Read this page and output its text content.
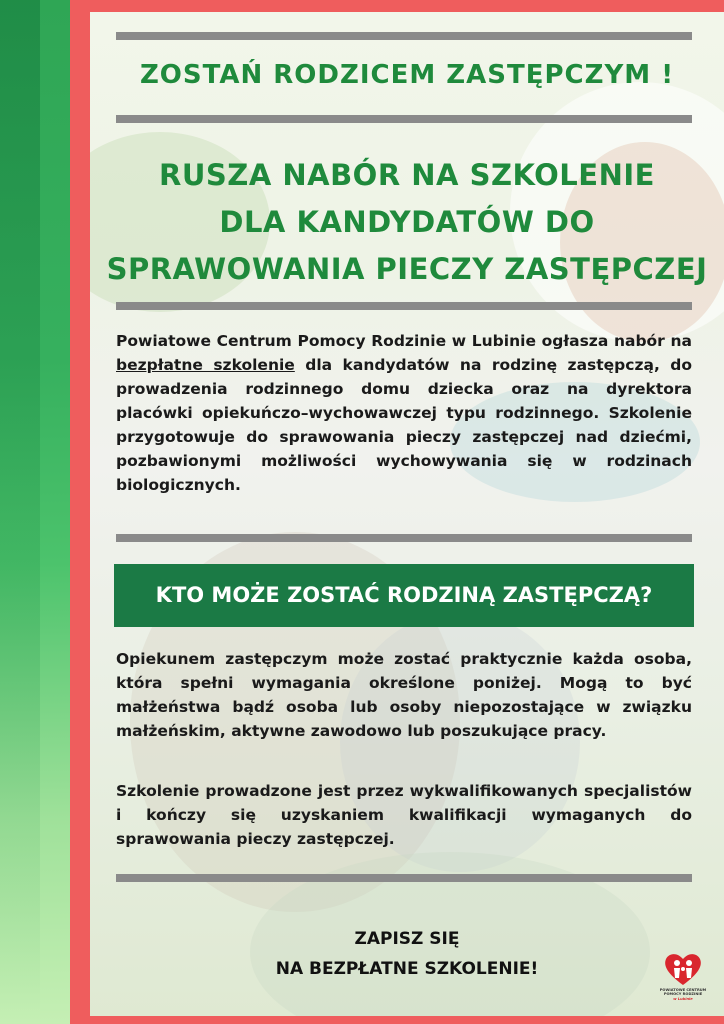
ZOSTAŃ RODZICEM ZASTĘPCZYM !
RUSZA NABÓR NA SZKOLENIE
DLA KANDYDATÓW DO
SPRAWOWANIA PIECZY ZASTĘPCZEJ
Powiatowe Centrum Pomocy Rodzinie w Lubinie ogłasza nabór na bezpłatne szkolenie dla kandydatów na rodzinę zastępczą, do prowadzenia rodzinnego domu dziecka oraz na dyrektora placówki opiekuńczo–wychowawczej typu rodzinnego. Szkolenie przygotowuje do sprawowania pieczy zastępczej nad dziećmi, pozbawionymi możliwości wychowywania się w rodzinach biologicznych.
KTO MOŻE ZOSTAĆ RODZINĄ ZASTĘPCZĄ?
Opiekunem zastępczym może zostać praktycznie każda osoba, która spełni wymagania określone poniżej. Mogą to być małżeństwa bądź osoba lub osoby niepozostające w związku małżeńskim, aktywne zawodowo lub poszukujące pracy.
Szkolenie prowadzone jest przez wykwalifikowanych specjalistów i kończy się uzyskaniem kwalifikacji wymaganych do sprawowania pieczy zastępczej.
ZAPISZ SIĘ
NA BEZPŁATNE SZKOLENIE!
POWIATOWE CENTRUM
POMOCY RODZINIE
w Lubinie
